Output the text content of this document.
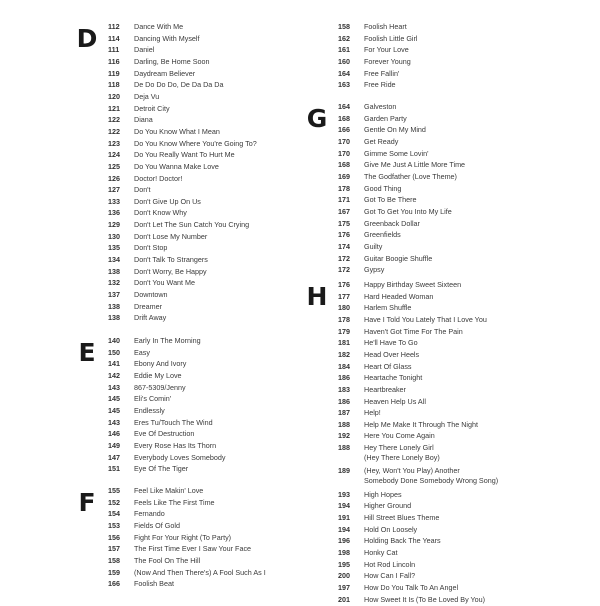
D 112	Dance With Me
114	Dancing With Myself
111	Daniel
116	Darling, Be Home Soon
119	Daydream Believer
118	De Do Do Do, De Da Da Da
120	Deja Vu
121	Detroit City
122	Diana
122	Do You Know What I Mean
123	Do You Know Where You're Going To?
124	Do You Really Want To Hurt Me
125	Do You Wanna Make Love
126	Doctor! Doctor!
127	Don't
133	Don't Give Up On Us
136	Don't Know Why
129	Don't Let The Sun Catch You Crying
130	Don't Lose My Number
135	Don't Stop
134	Don't Talk To Strangers
138	Don't Worry, Be Happy
132	Don't You Want Me
137	Downtown
138	Dreamer
138	Drift Away
E	140	Early In The Morning
150	Easy
141	Ebony And Ivory
142	Eddie My Love
143	867-5309/Jenny
145	Eli's Comin'
145	Endlessly
143	Eres Tu/Touch The Wind
146	Eve Of Destruction
149	Every Rose Has Its Thorn
147	Everybody Loves Somebody
151	Eye Of The Tiger
F	155	Feel Like Makin' Love
152	Feels Like The First Time
154	Fernando
153	Fields Of Gold
156	Fight For Your Right (To Party)
157	The First Time Ever I Saw Your Face
158	The Fool On The Hill
159	(Now And Then There's) A Fool Such As I
166	Foolish Beat
158	Foolish Heart
162	Foolish Little Girl
161	For Your Love
160	Forever Young
164	Free Fallin'
163	Free Ride
G 164	Galveston
168	Garden Party
166	Gentle On My Mind
170	Get Ready
170	Gimme Some Lovin'
168	Give Me Just A Little More Time
169	The Godfather (Love Theme)
178	Good Thing
171	Got To Be There
167	Got To Get You Into My Life
175	Greenback Dollar
176	Greenfields
174	Guilty
172	Guitar Boogie Shuffle
172	Gypsy
H 176	Happy Birthday Sweet Sixteen
177	Hard Headed Woman
180	Harlem Shuffle
178	Have I Told You Lately That I Love You
179	Haven't Got Time For The Pain
181	He'll Have To Go
182	Head Over Heels
184	Heart Of Glass
186	Heartache Tonight
183	Heartbreaker
186	Heaven Help Us All
187	Help!
188	Help Me Make It Through The Night
192	Here You Come Again
188	Hey There Lonely Girl
(Hey There Lonely Boy)
189	(Hey, Won't You Play) Another
Somebody Done Somebody Wrong Song)
193	High Hopes
194	Higher Ground
191	Hill Street Blues Theme
194	Hold On Loosely
196	Holding Back The Years
198	Honky Cat
195	Hot Rod Lincoln
200	How Can I Fall?
197	How Do You Talk To An Angel
201	How Sweet It Is (To Be Loved By You)
